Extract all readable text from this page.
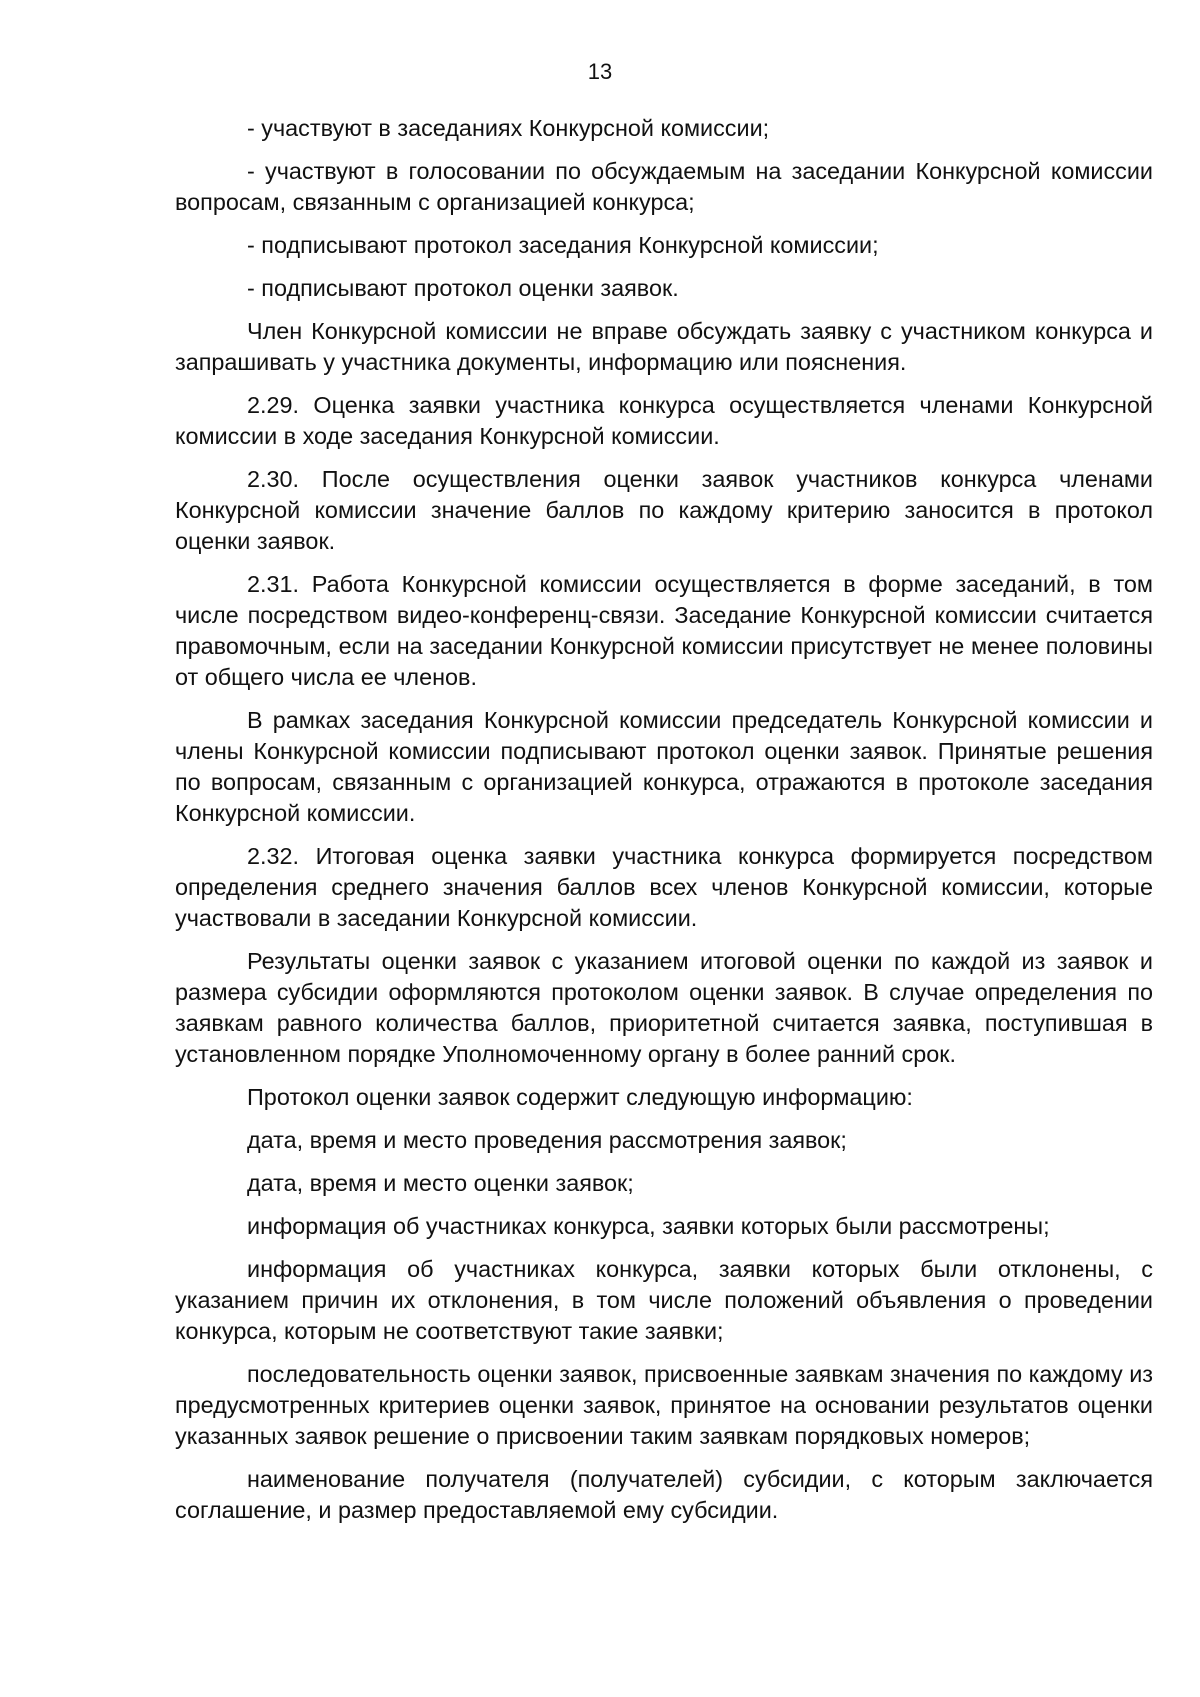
13

- участвуют в заседаниях Конкурсной комиссии;

- участвуют в голосовании по обсуждаемым на заседании Конкурсной комиссии вопросам, связанным с организацией конкурса;

- подписывают протокол заседания Конкурсной комиссии;

- подписывают протокол оценки заявок.

Член Конкурсной комиссии не вправе обсуждать заявку с участником конкурса и запрашивать у участника документы, информацию или пояснения.

2.29. Оценка заявки участника конкурса осуществляется членами Конкурсной комиссии в ходе заседания Конкурсной комиссии.

2.30. После осуществления оценки заявок участников конкурса членами Конкурсной комиссии значение баллов по каждому критерию заносится в протокол оценки заявок.

2.31. Работа Конкурсной комиссии осуществляется в форме заседаний, в том числе посредством видео-конференц-связи. Заседание Конкурсной комиссии считается правомочным, если на заседании Конкурсной комиссии присутствует не менее половины от общего числа ее членов.

В рамках заседания Конкурсной комиссии председатель Конкурсной комиссии и члены Конкурсной комиссии подписывают протокол оценки заявок. Принятые решения по вопросам, связанным с организацией конкурса, отражаются в протоколе заседания Конкурсной комиссии.

2.32. Итоговая оценка заявки участника конкурса формируется посредством определения среднего значения баллов всех членов Конкурсной комиссии, которые участвовали в заседании Конкурсной комиссии.

Результаты оценки заявок с указанием итоговой оценки по каждой из заявок и размера субсидии оформляются протоколом оценки заявок. В случае определения по заявкам равного количества баллов, приоритетной считается заявка, поступившая в установленном порядке Уполномоченному органу в более ранний срок.

Протокол оценки заявок содержит следующую информацию:

дата, время и место проведения рассмотрения заявок;

дата, время и место оценки заявок;

информация об участниках конкурса, заявки которых были рассмотрены;

информация об участниках конкурса, заявки которых были отклонены, с указанием причин их отклонения, в том числе положений объявления о проведении конкурса, которым не соответствуют такие заявки;

последовательность оценки заявок, присвоенные заявкам значения по каждому из предусмотренных критериев оценки заявок, принятое на основании результатов оценки указанных заявок решение о присвоении таким заявкам порядковых номеров;

наименование получателя (получателей) субсидии, с которым заключается соглашение, и размер предоставляемой ему субсидии.
